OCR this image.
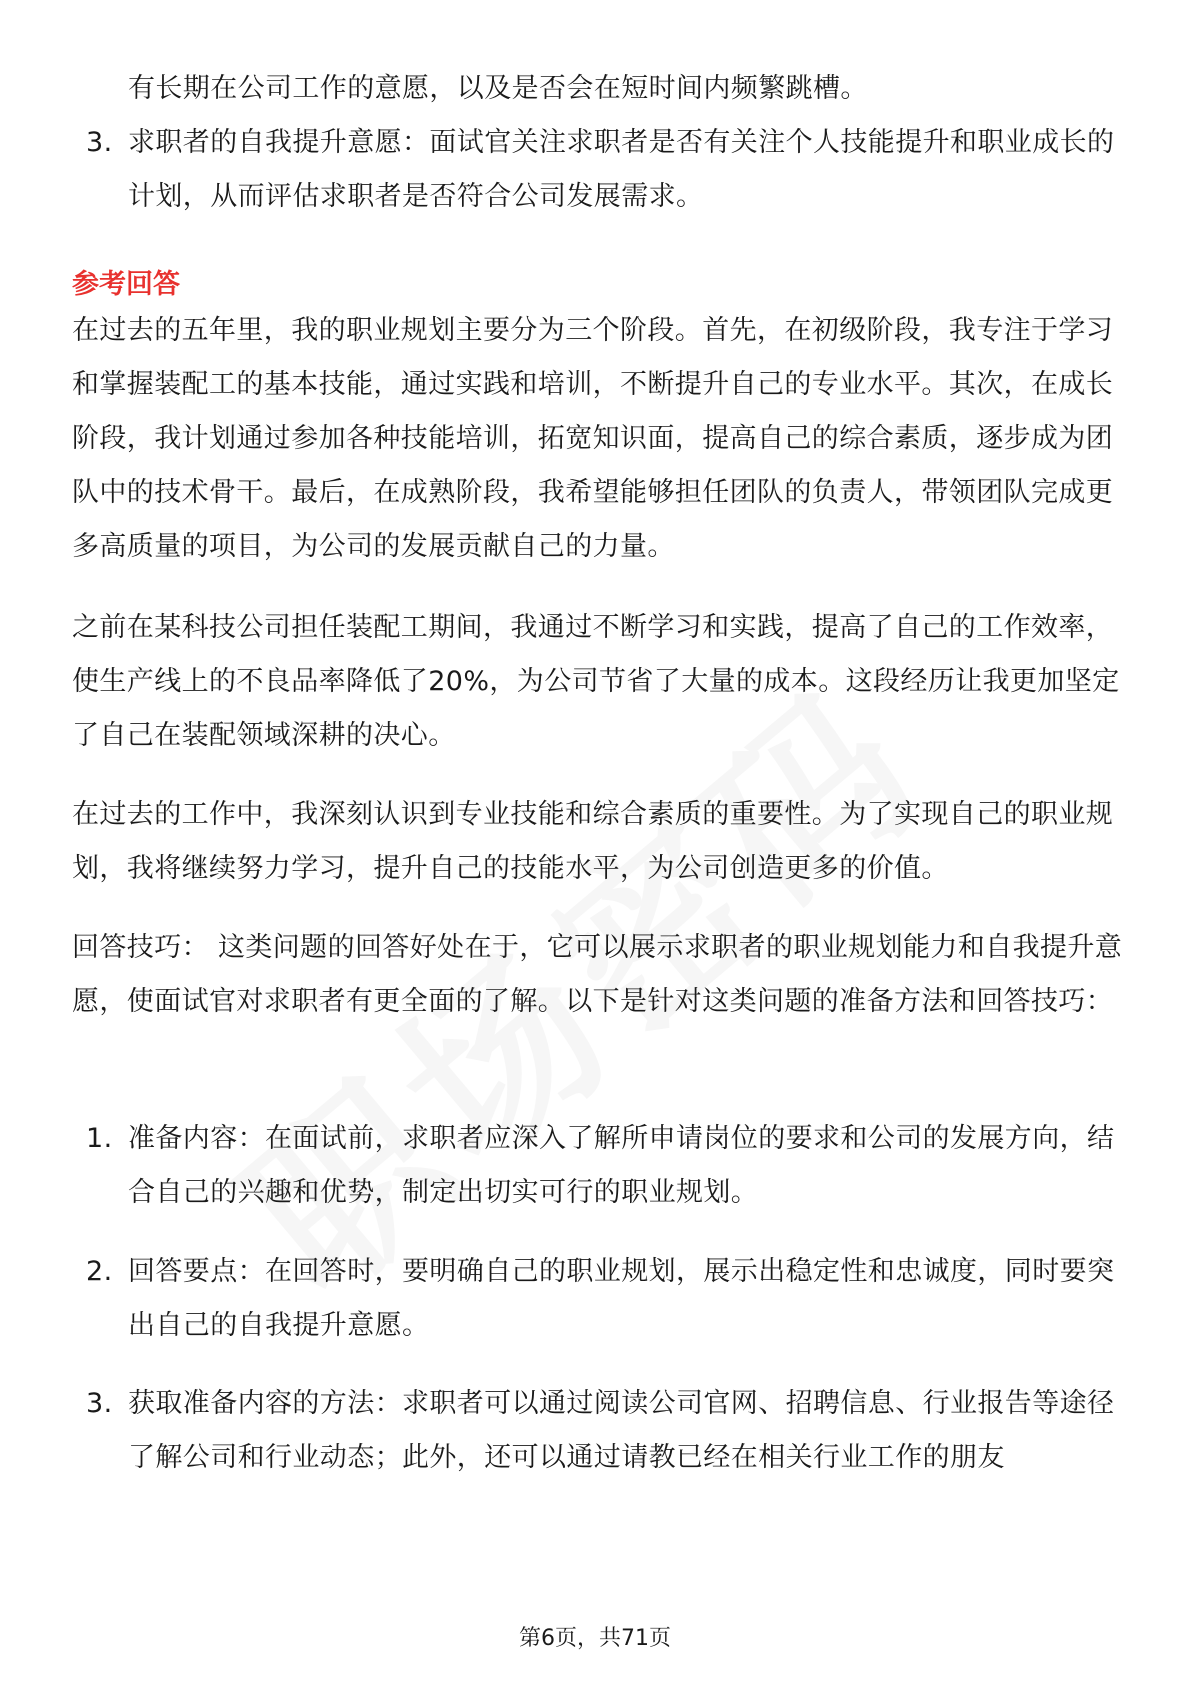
有长期在公司工作的意愿，以及是否会在短时间内频繁跳槽。

3. 求职者的自我提升意愿：面试官关注求职者是否有关注个人技能提升和职业成长的计划，从而评估求职者是否符合公司发展需求。

参考回答

在过去的五年里，我的职业规划主要分为三个阶段。首先，在初级阶段，我专注于学习和掌握装配工的基本技能，通过实践和培训，不断提升自己的专业水平。其次，在成长阶段，我计划通过参加各种技能培训，拓宽知识面，提高自己的综合素质，逐步成为团队中的技术骨干。最后，在成熟阶段，我希望能够担任团队的负责人，带领团队完成更多高质量的项目，为公司的发展贡献自己的力量。

之前在某科技公司担任装配工期间，我通过不断学习和实践，提高了自己的工作效率，使生产线上的不良品率降低了20%，为公司节省了大量的成本。这段经历让我更加坚定了自己在装配领域深耕的决心。

在过去的工作中，我深刻认识到专业技能和综合素质的重要性。为了实现自己的职业规划，我将继续努力学习，提升自己的技能水平，为公司创造更多的价值。

回答技巧： 这类问题的回答好处在于，它可以展示求职者的职业规划能力和自我提升意愿，使面试官对求职者有更全面的了解。以下是针对这类问题的准备方法和回答技巧：

1. 准备内容：在面试前，求职者应深入了解所申请岗位的要求和公司的发展方向，结合自己的兴趣和优势，制定出切实可行的职业规划。

2. 回答要点：在回答时，要明确自己的职业规划，展示出稳定性和忠诚度，同时要突出自己的自我提升意愿。

3. 获取准备内容的方法：求职者可以通过阅读公司官网、招聘信息、行业报告等途径了解公司和行业动态；此外，还可以通过请教已经在相关行业工作的朋友

第6页，共71页
